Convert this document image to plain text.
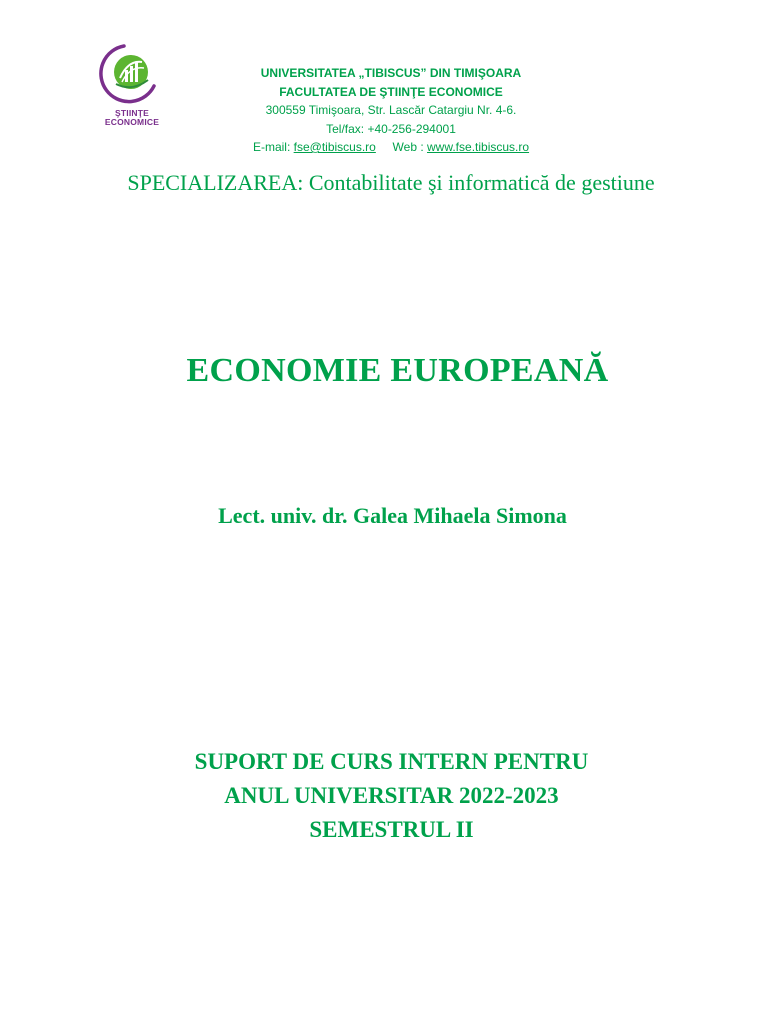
ŞTIINŢE
ECONOMICE
UNIVERSITATEA „TIBISCUS” DIN TIMIŞOARA
FACULTATEA DE ŞTIINŢE ECONOMICE
300559 Timişoara, Str. Lascăr Catargiu Nr. 4-6.
Tel/fax: +40-256-294001
E-mail: fse@tibiscus.ro Web : www.fse.tibiscus.ro
SPECIALIZAREA: Contabilitate şi informatică de gestiune
ECONOMIE EUROPEANĂ
Lect. univ. dr. Galea Mihaela Simona
SUPORT DE CURS INTERN PENTRU
ANUL UNIVERSITAR 2022-2023
SEMESTRUL II
